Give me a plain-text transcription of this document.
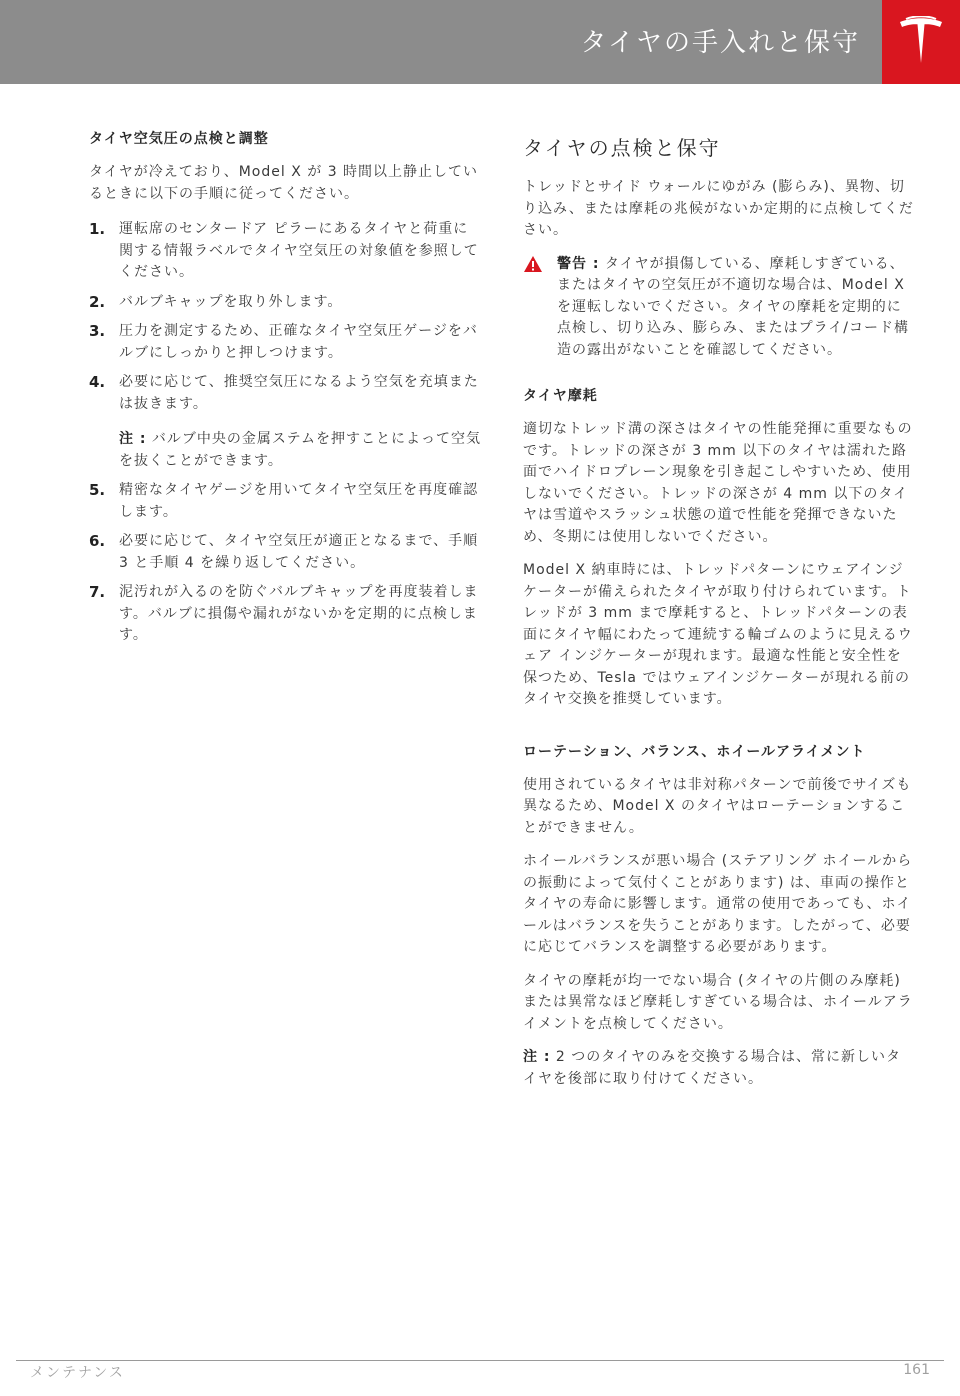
タイヤの手入れと保守
タイヤ空気圧の点検と調整

タイヤが冷えており、Model X が 3 時間以上静止しているときに以下の手順に従ってください。

1. 運転席のセンタードア ピラーにあるタイヤと荷重に関する情報ラベルでタイヤ空気圧の対象値を参照してください。
2. バルブキャップを取り外します。
3. 圧力を測定するため、正確なタイヤ空気圧ゲージをバルブにしっかりと押しつけます。
4. 必要に応じて、推奨空気圧になるよう空気を充填または抜きます。
注 : バルブ中央の金属ステムを押すことによって空気を抜くことができます。
5. 精密なタイヤゲージを用いてタイヤ空気圧を再度確認します。
6. 必要に応じて、タイヤ空気圧が適正となるまで、手順 3 と手順 4 を繰り返してください。
7. 泥汚れが入るのを防ぐバルブキャップを再度装着します。バルブに損傷や漏れがないかを定期的に点検します。
タイヤの点検と保守

トレッドとサイド ウォールにゆがみ (膨らみ)、異物、切り込み、または摩耗の兆候がないか定期的に点検してください。

警告 : タイヤが損傷している、摩耗しすぎている、またはタイヤの空気圧が不適切な場合は、Model X を運転しないでください。タイヤの摩耗を定期的に点検し、切り込み、膨らみ、またはプライ/コード構造の露出がないことを確認してください。

タイヤ摩耗

適切なトレッド溝の深さはタイヤの性能発揮に重要なものです。トレッドの深さが 3 mm 以下のタイヤは濡れた路面でハイドロプレーン現象を引き起こしやすいため、使用しないでください。トレッドの深さが 4 mm 以下のタイヤは雪道やスラッシュ状態の道で性能を発揮できないため、冬期には使用しないでください。

Model X 納車時には、トレッドパターンにウェアインジケーターが備えられたタイヤが取り付けられています。トレッドが 3 mm まで摩耗すると、トレッドパターンの表面にタイヤ幅にわたって連続する輪ゴムのように見えるウェア インジケーターが現れます。最適な性能と安全性を保つため、Tesla ではウェアインジケーターが現れる前のタイヤ交換を推奨しています。

ローテーション、バランス、ホイールアライメント

使用されているタイヤは非対称パターンで前後でサイズも異なるため、Model X のタイヤはローテーションすることができません。

ホイールバランスが悪い場合 (ステアリング ホイールからの振動によって気付くことがあります) は、車両の操作とタイヤの寿命に影響します。通常の使用であっても、ホイールはバランスを失うことがあります。したがって、必要に応じてバランスを調整する必要があります。

タイヤの摩耗が均一でない場合 (タイヤの片側のみ摩耗) または異常なほど摩耗しすぎている場合は、ホイールアライメントを点検してください。

注 : 2 つのタイヤのみを交換する場合は、常に新しいタイヤを後部に取り付けてください。

メンテナンス	161
